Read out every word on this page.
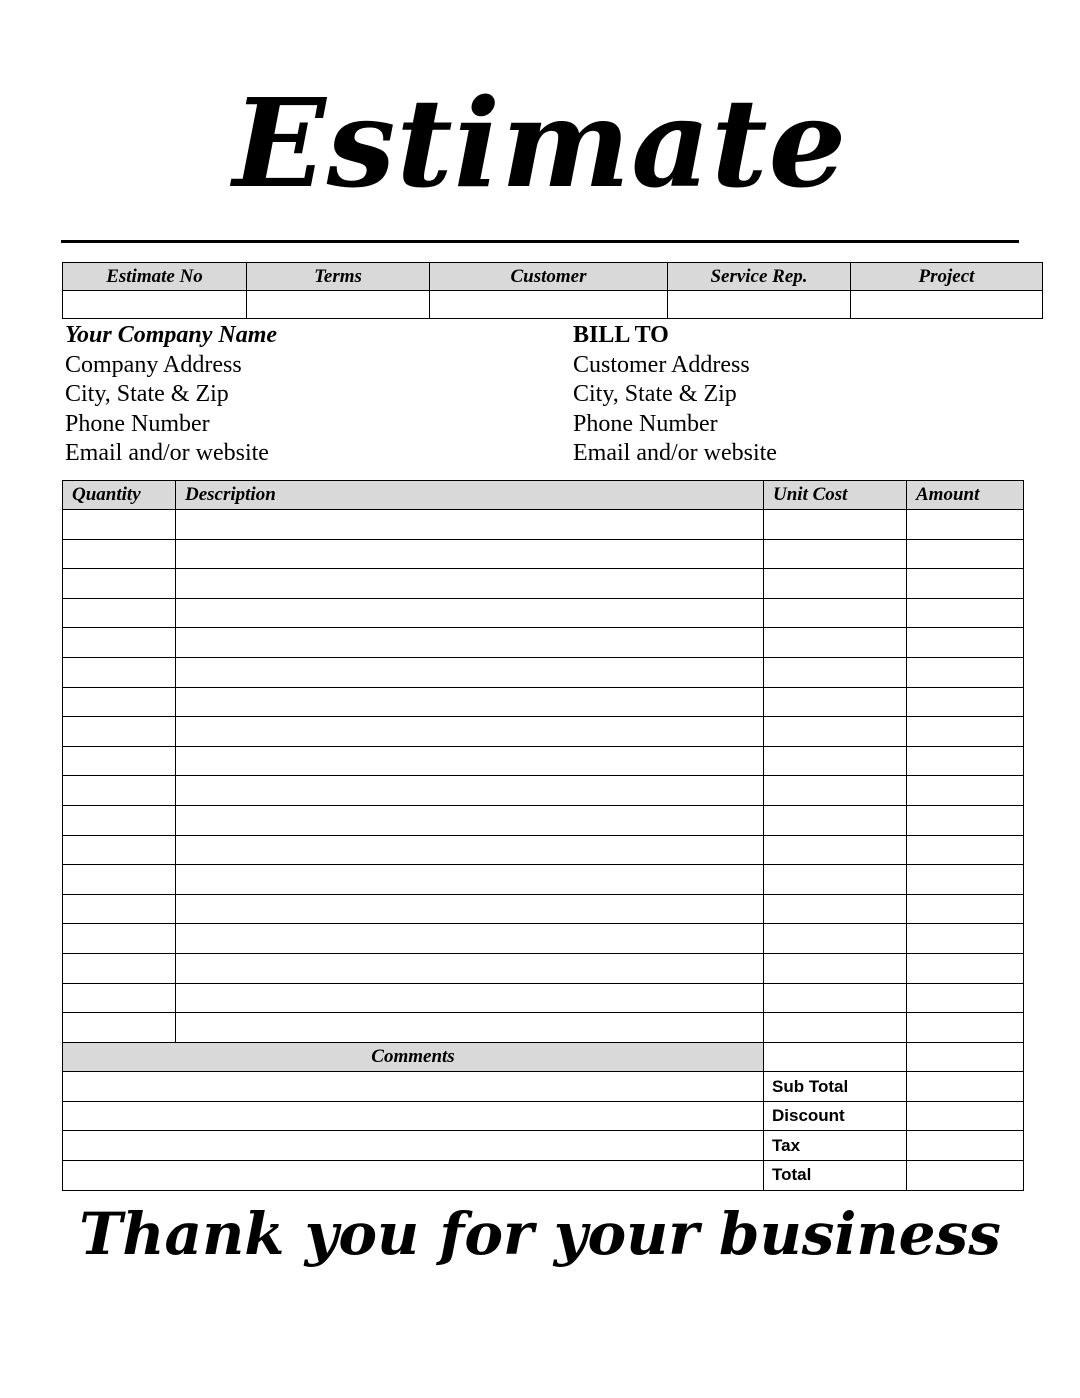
Estimate
Estimate No	Terms	Customer	Service Rep.	Project

Your Company Name
Company Address
City, State & Zip
Phone Number
Email and/or website
BILL TO
Customer Address
City, State & Zip
Phone Number
Email and/or website
Quantity	Description	Unit Cost	Amount

Comments			
		Sub Total	
		Discount	
		Tax	
		Total	
Thank you for your business
